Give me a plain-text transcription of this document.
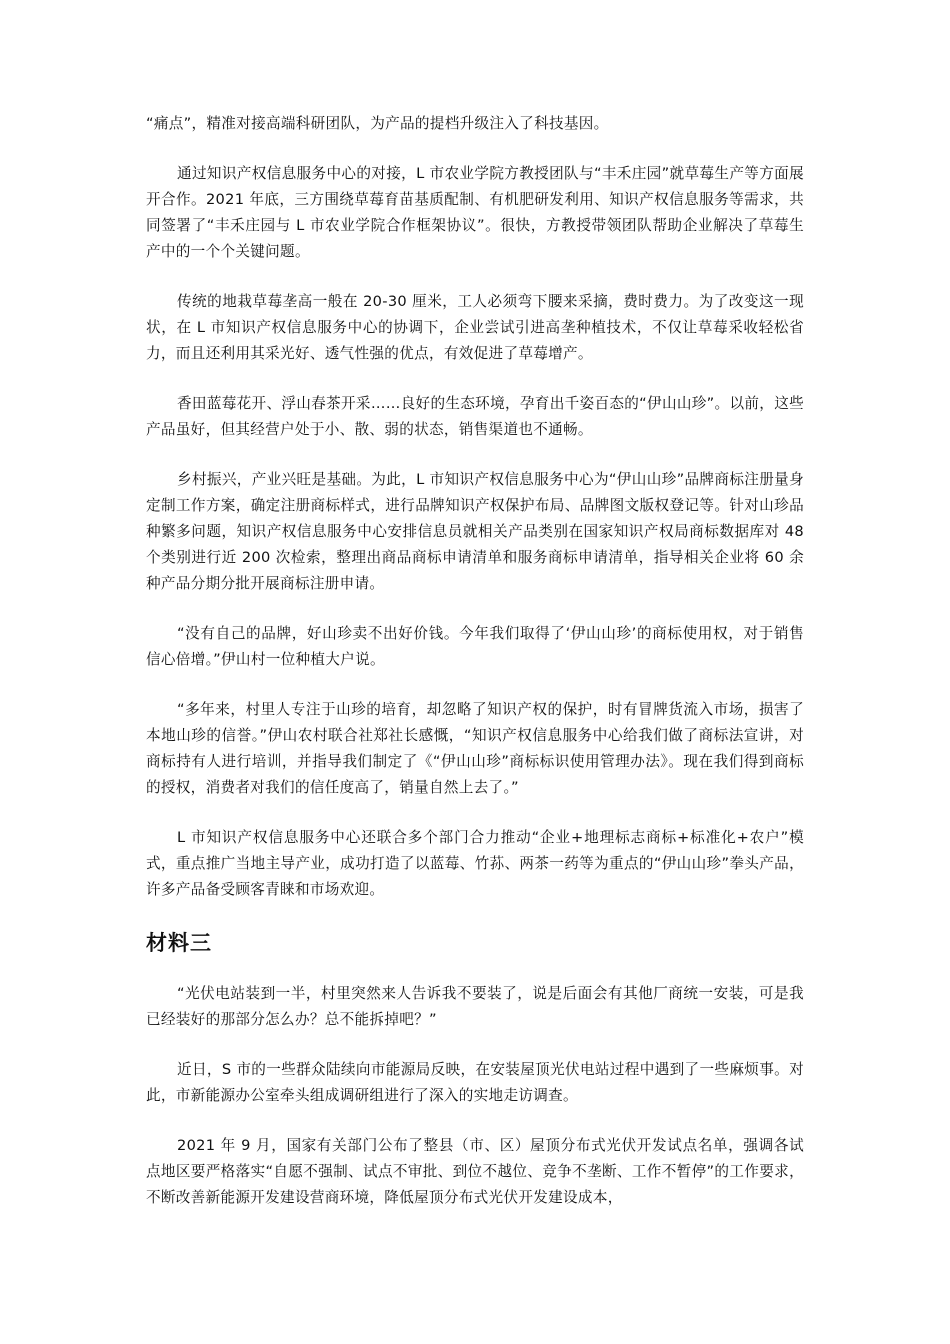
“痛点”，精准对接高端科研团队，为产品的提档升级注入了科技基因。

通过知识产权信息服务中心的对接，L 市农业学院方教授团队与“丰禾庄园”就草莓生产等方面展开合作。2021 年底，三方围绕草莓育苗基质配制、有机肥研发利用、知识产权信息服务等需求，共同签署了“丰禾庄园与 L 市农业学院合作框架协议”。很快，方教授带领团队帮助企业解决了草莓生产中的一个个关键问题。

传统的地栽草莓垄高一般在 20-30 厘米，工人必须弯下腰来采摘，费时费力。为了改变这一现状，在 L 市知识产权信息服务中心的协调下，企业尝试引进高垄种植技术，不仅让草莓采收轻松省力，而且还利用其采光好、透气性强的优点，有效促进了草莓增产。

香田蓝莓花开、浮山春茶开采……良好的生态环境，孕育出千姿百态的“伊山山珍”。以前，这些产品虽好，但其经营户处于小、散、弱的状态，销售渠道也不通畅。

乡村振兴，产业兴旺是基础。为此，L 市知识产权信息服务中心为“伊山山珍”品牌商标注册量身定制工作方案，确定注册商标样式，进行品牌知识产权保护布局、品牌图文版权登记等。针对山珍品种繁多问题，知识产权信息服务中心安排信息员就相关产品类别在国家知识产权局商标数据库对 48 个类别进行近 200 次检索，整理出商品商标申请清单和服务商标申请清单，指导相关企业将 60 余种产品分期分批开展商标注册申请。

“没有自己的品牌，好山珍卖不出好价钱。今年我们取得了‘伊山山珍’的商标使用权，对于销售信心倍增。”伊山村一位种植大户说。

“多年来，村里人专注于山珍的培育，却忽略了知识产权的保护，时有冒牌货流入市场，损害了本地山珍的信誉。”伊山农村联合社郑社长感慨，“知识产权信息服务中心给我们做了商标法宣讲，对商标持有人进行培训，并指导我们制定了《“伊山山珍”商标标识使用管理办法》。现在我们得到商标的授权，消费者对我们的信任度高了，销量自然上去了。”

L 市知识产权信息服务中心还联合多个部门合力推动“企业+地理标志商标+标准化+农户”模式，重点推广当地主导产业，成功打造了以蓝莓、竹荪、两茶一药等为重点的“伊山山珍”拳头产品，许多产品备受顾客青睐和市场欢迎。

材料三

“光伏电站装到一半，村里突然来人告诉我不要装了，说是后面会有其他厂商统一安装，可是我已经装好的那部分怎么办？总不能拆掉吧？”

近日，S 市的一些群众陆续向市能源局反映，在安装屋顶光伏电站过程中遇到了一些麻烦事。对此，市新能源办公室牵头组成调研组进行了深入的实地走访调查。

2021 年 9 月，国家有关部门公布了整县（市、区）屋顶分布式光伏开发试点名单，强调各试点地区要严格落实“自愿不强制、试点不审批、到位不越位、竞争不垄断、工作不暂停”的工作要求，不断改善新能源开发建设营商环境，降低屋顶分布式光伏开发建设成本，
